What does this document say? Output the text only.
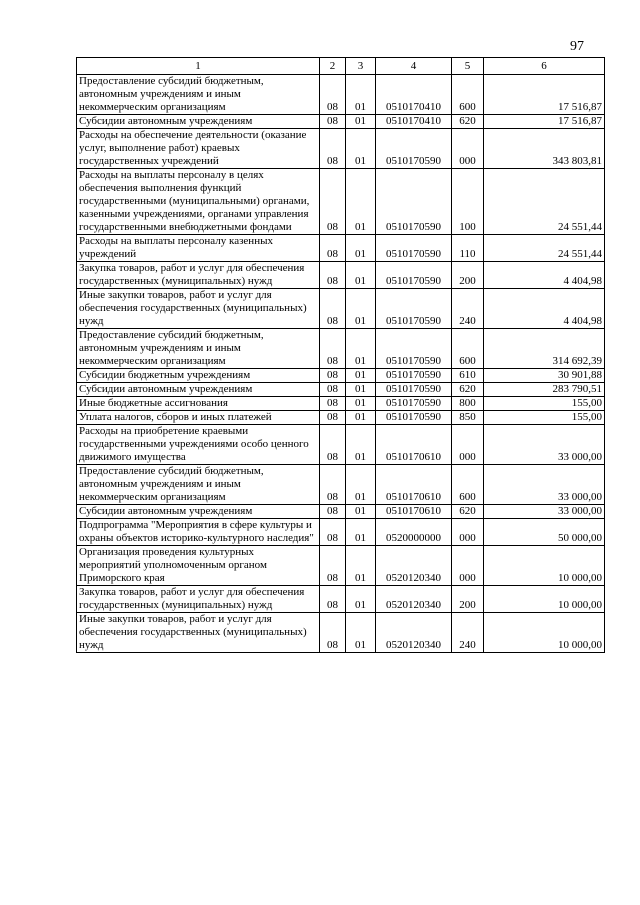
97
1	2	3	4	5	6
Предоставление субсидий бюджетным, автономным учреждениям и иным некоммерческим организациям	08	01	0510170410	600	17 516,87
Субсидии автономным учреждениям	08	01	0510170410	620	17 516,87
Расходы на обеспечение деятельности (оказание услуг, выполнение работ) краевых государственных учреждений	08	01	0510170590	000	343 803,81
Расходы на выплаты персоналу в целях обеспечения выполнения функций государственными (муниципальными) органами, казенными учреждениями, органами управления государственными внебюджетными фондами	08	01	0510170590	100	24 551,44
Расходы на выплаты персоналу казенных учреждений	08	01	0510170590	110	24 551,44
Закупка товаров, работ и услуг для обеспечения государственных (муниципальных) нужд	08	01	0510170590	200	4 404,98
Иные закупки товаров, работ и услуг для обеспечения государственных (муниципальных) нужд	08	01	0510170590	240	4 404,98
Предоставление субсидий бюджетным, автономным учреждениям и иным некоммерческим организациям	08	01	0510170590	600	314 692,39
Субсидии бюджетным учреждениям	08	01	0510170590	610	30 901,88
Субсидии автономным учреждениям	08	01	0510170590	620	283 790,51
Иные бюджетные ассигнования	08	01	0510170590	800	155,00
Уплата налогов, сборов и иных платежей	08	01	0510170590	850	155,00
Расходы на приобретение краевыми государственными учреждениями особо ценного движимого имущества	08	01	0510170610	000	33 000,00
Предоставление субсидий бюджетным, автономным учреждениям и иным некоммерческим организациям	08	01	0510170610	600	33 000,00
Субсидии автономным учреждениям	08	01	0510170610	620	33 000,00
Подпрограмма "Мероприятия в сфере культуры и охраны объектов историко-культурного наследия"	08	01	0520000000	000	50 000,00
Организация проведения культурных мероприятий уполномоченным органом Приморского края	08	01	0520120340	000	10 000,00
Закупка товаров, работ и услуг для обеспечения государственных (муниципальных) нужд	08	01	0520120340	200	10 000,00
Иные закупки товаров, работ и услуг для обеспечения государственных (муниципальных) нужд	08	01	0520120340	240	10 000,00
